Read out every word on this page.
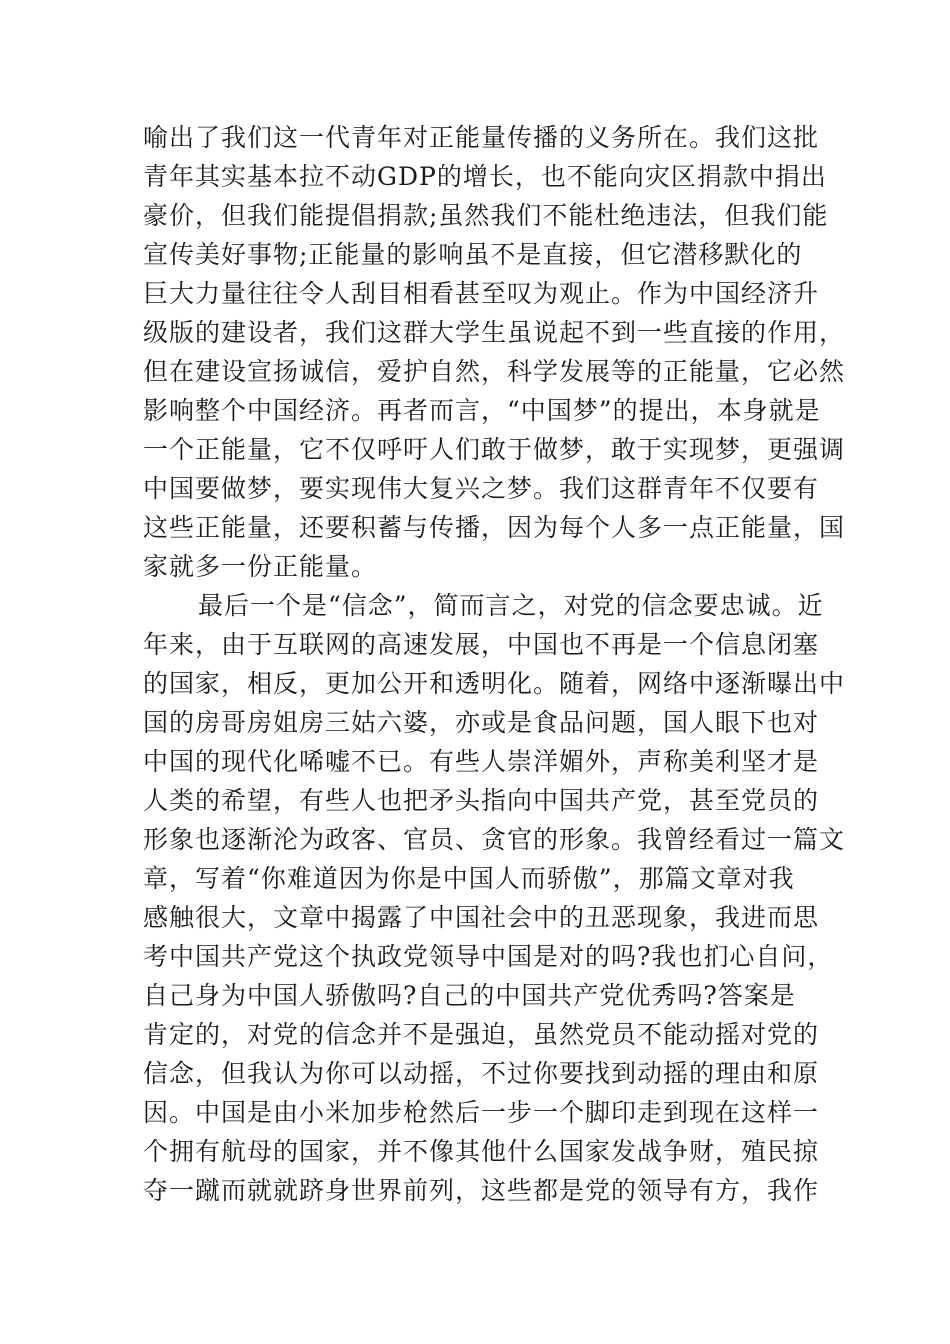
喻出了我们这一代青年对正能量传播的义务所在。我们这批
青年其实基本拉不动GDP的增长，也不能向灾区捐款中捐出
豪价，但我们能提倡捐款;虽然我们不能杜绝违法，但我们能
宣传美好事物;正能量的影响虽不是直接，但它潜移默化的
巨大力量往往令人刮目相看甚至叹为观止。作为中国经济升
级版的建设者，我们这群大学生虽说起不到一些直接的作用，
但在建设宣扬诚信，爱护自然，科学发展等的正能量，它必然
影响整个中国经济。再者而言，“中国梦”的提出，本身就是
一个正能量，它不仅呼吁人们敢于做梦，敢于实现梦，更强调
中国要做梦，要实现伟大复兴之梦。我们这群青年不仅要有
这些正能量，还要积蓄与传播，因为每个人多一点正能量，国
家就多一份正能量。
最后一个是“信念”，简而言之，对党的信念要忠诚。近
年来，由于互联网的高速发展，中国也不再是一个信息闭塞
的国家，相反，更加公开和透明化。随着，网络中逐渐曝出中
国的房哥房姐房三姑六婆，亦或是食品问题，国人眼下也对
中国的现代化唏嘘不已。有些人崇洋媚外，声称美利坚才是
人类的希望，有些人也把矛头指向中国共产党，甚至党员的
形象也逐渐沦为政客、官员、贪官的形象。我曾经看过一篇文
章，写着“你难道因为你是中国人而骄傲”，那篇文章对我
感触很大，文章中揭露了中国社会中的丑恶现象，我进而思
考中国共产党这个执政党领导中国是对的吗?我也扪心自问，
自己身为中国人骄傲吗?自己的中国共产党优秀吗?答案是
肯定的，对党的信念并不是强迫，虽然党员不能动摇对党的
信念，但我认为你可以动摇，不过你要找到动摇的理由和原
因。中国是由小米加步枪然后一步一个脚印走到现在这样一
个拥有航母的国家，并不像其他什么国家发战争财，殖民掠
夺一蹴而就就跻身世界前列，这些都是党的领导有方，我作
